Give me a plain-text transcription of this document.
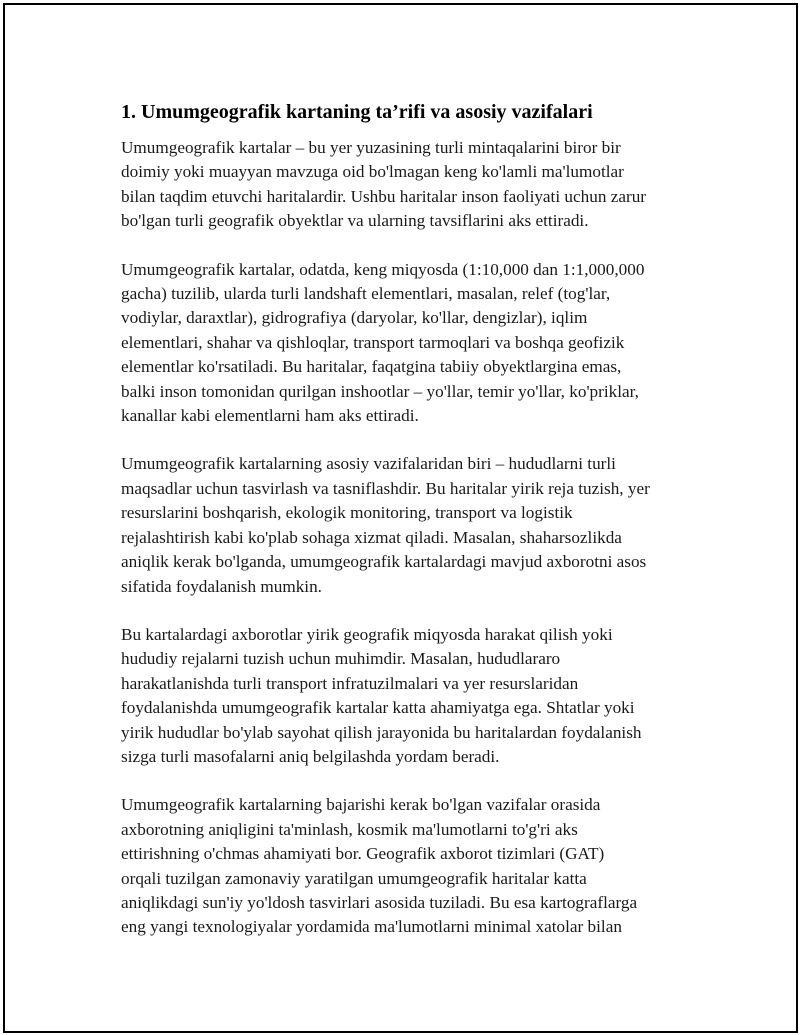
1. Umumgeografik kartaning ta’rifi va asosiy vazifalari

Umumgeografik kartalar – bu yer yuzasining turli mintaqalarini biror bir
doimiy yoki muayyan mavzuga oid bo'lmagan keng ko'lamli ma'lumotlar
bilan taqdim etuvchi haritalardir. Ushbu haritalar inson faoliyati uchun zarur
bo'lgan turli geografik obyektlar va ularning tavsiflarini aks ettiradi.

Umumgeografik kartalar, odatda, keng miqyosda (1:10,000 dan 1:1,000,000
gacha) tuzilib, ularda turli landshaft elementlari, masalan, relef (tog'lar,
vodiylar, daraxtlar), gidrografiya (daryolar, ko'llar, dengizlar), iqlim
elementlari, shahar va qishloqlar, transport tarmoqlari va boshqa geofizik
elementlar ko'rsatiladi. Bu haritalar, faqatgina tabiiy obyektlargina emas,
balki inson tomonidan qurilgan inshootlar – yo'llar, temir yo'llar, ko'priklar,
kanallar kabi elementlarni ham aks ettiradi.

Umumgeografik kartalarning asosiy vazifalaridan biri – hududlarni turli
maqsadlar uchun tasvirlash va tasniflashdir. Bu haritalar yirik reja tuzish, yer
resurslarini boshqarish, ekologik monitoring, transport va logistik
rejalashtirish kabi ko'plab sohaga xizmat qiladi. Masalan, shaharsozlikda
aniqlik kerak bo'lganda, umumgeografik kartalardagi mavjud axborotni asos
sifatida foydalanish mumkin.

Bu kartalardagi axborotlar yirik geografik miqyosda harakat qilish yoki
hududiy rejalarni tuzish uchun muhimdir. Masalan, hududlararo
harakatlanishda turli transport infratuzilmalari va yer resurslaridan
foydalanishda umumgeografik kartalar katta ahamiyatga ega. Shtatlar yoki
yirik hududlar bo'ylab sayohat qilish jarayonida bu haritalardan foydalanish
sizga turli masofalarni aniq belgilashda yordam beradi.

Umumgeografik kartalarning bajarishi kerak bo'lgan vazifalar orasida
axborotning aniqligini ta'minlash, kosmik ma'lumotlarni to'g'ri aks
ettirishning o'chmas ahamiyati bor. Geografik axborot tizimlari (GAT)
orqali tuzilgan zamonaviy yaratilgan umumgeografik haritalar katta
aniqlikdagi sun'iy yo'ldosh tasvirlari asosida tuziladi. Bu esa kartograflarga
eng yangi texnologiyalar yordamida ma'lumotlarni minimal xatolar bilan
